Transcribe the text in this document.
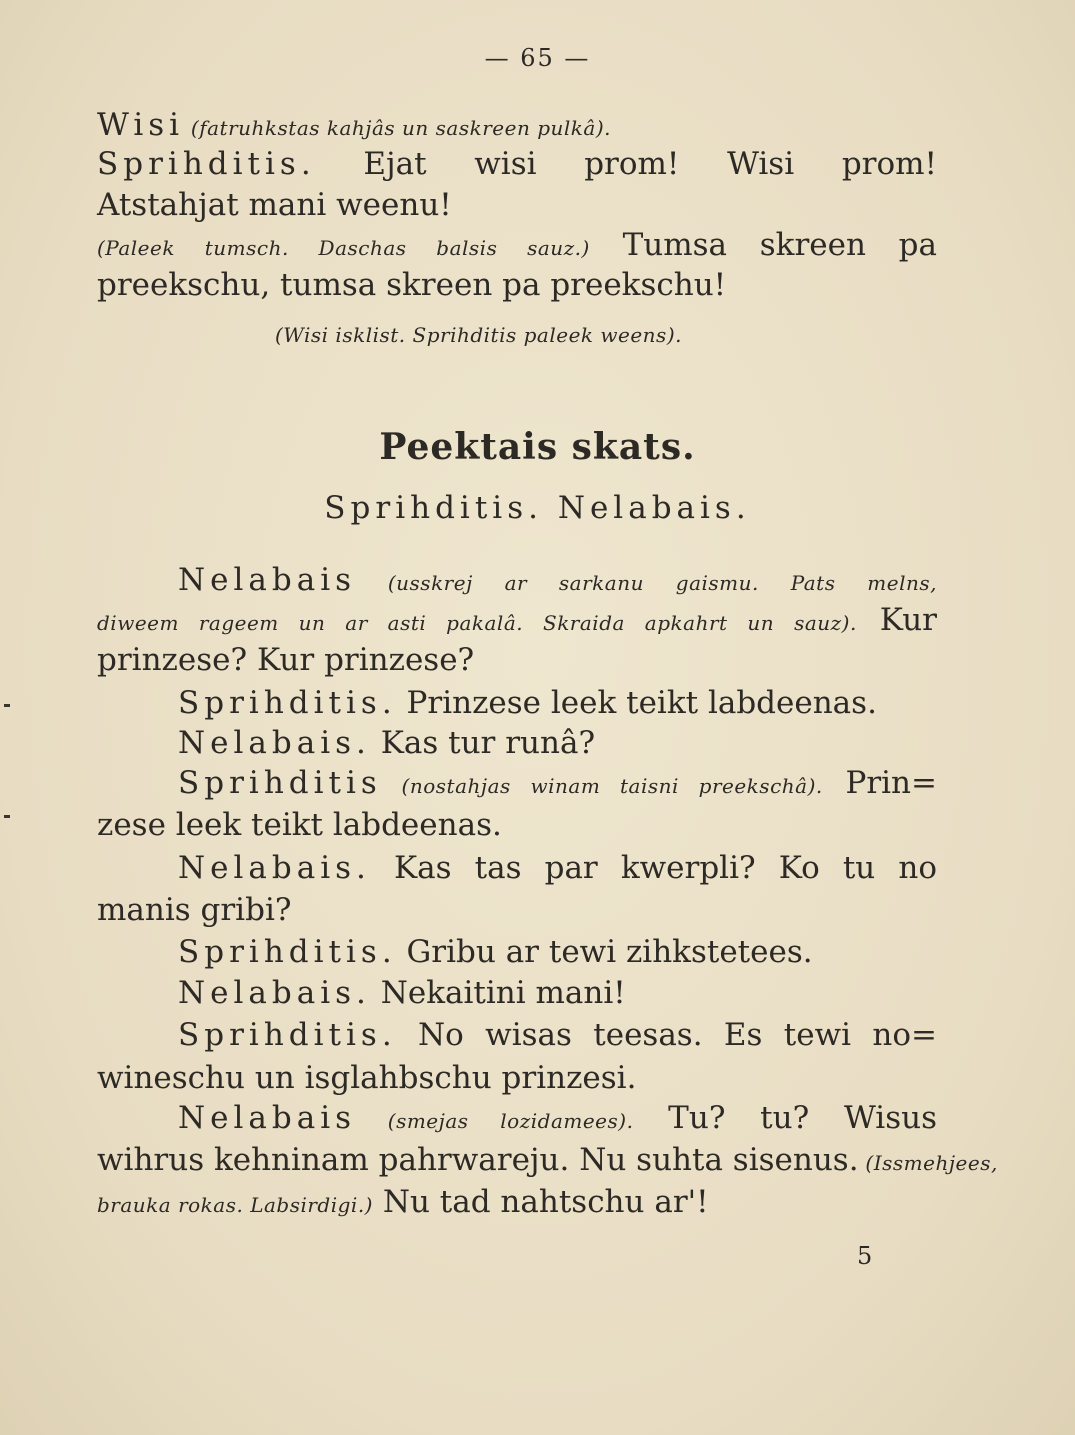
— 65 —
Wisi (fatruhkstas kahjâs un saskreen pulkâ).
Sprihditis. Ejat wisi prom! Wisi prom!
Atstahjat mani weenu!
(Paleek tumsch. Daschas balsis sauz.) Tumsa skreen pa
preekschu, tumsa skreen pa preekschu!
(Wisi isklist. Sprihditis paleek weens).
Peektais skats.
Sprihditis. Nelabais.
Nelabais (usskrej ar sarkanu gaismu. Pats melns,
diweem rageem un ar asti pakalâ. Skraida apkahrt un sauz). Kur
prinzese? Kur prinzese?
Sprihditis. Prinzese leek teikt labdeenas.
Nelabais. Kas tur runâ?
Sprihditis (nostahjas winam taisni preekschâ). Prin=
zese leek teikt labdeenas.
Nelabais. Kas tas par kwerpli? Ko tu no
manis gribi?
Sprihditis. Gribu ar tewi zihkstetees.
Nelabais. Nekaitini mani!
Sprihditis. No wisas teesas. Es tewi no=
wineschu un isglahbschu prinzesi.
Nelabais (smejas lozidamees). Tu? tu? Wisus
wihrus kehninam pahrwareju. Nu suhta sisenus. (Issmehjees,
brauka rokas. Labsirdigi.) Nu tad nahtschu ar'!
5
